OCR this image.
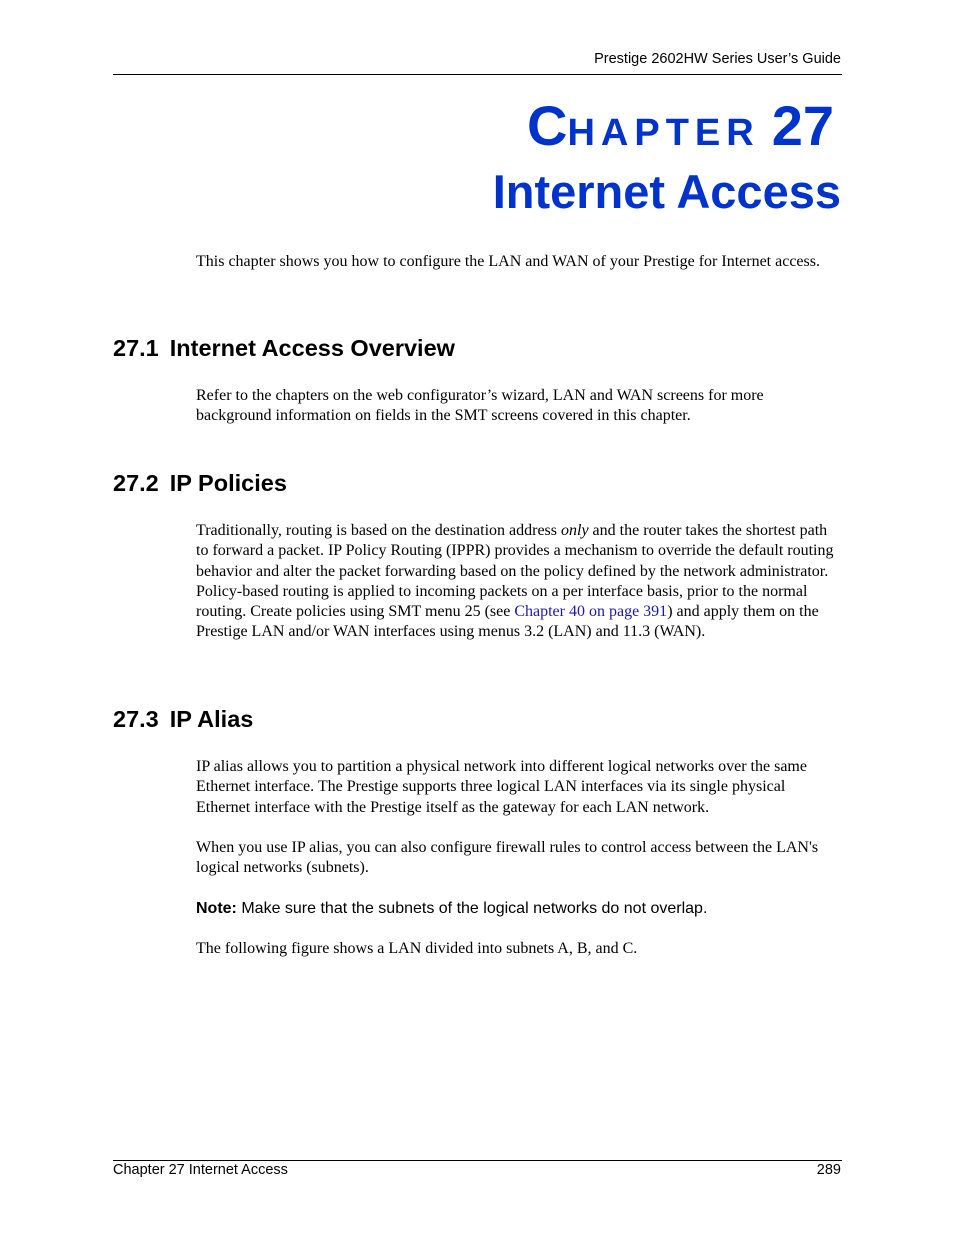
Prestige 2602HW Series User’s Guide
CHAPTER 27
Internet Access
This chapter shows you how to configure the LAN and WAN of your Prestige for Internet access.
27.1 Internet Access Overview
Refer to the chapters on the web configurator’s wizard, LAN and WAN screens for more background information on fields in the SMT screens covered in this chapter.
27.2 IP Policies
Traditionally, routing is based on the destination address only and the router takes the shortest path to forward a packet. IP Policy Routing (IPPR) provides a mechanism to override the default routing behavior and alter the packet forwarding based on the policy defined by the network administrator. Policy-based routing is applied to incoming packets on a per interface basis, prior to the normal routing. Create policies using SMT menu 25 (see Chapter 40 on page 391) and apply them on the Prestige LAN and/or WAN interfaces using menus 3.2 (LAN) and 11.3 (WAN).
27.3 IP Alias
IP alias allows you to partition a physical network into different logical networks over the same Ethernet interface. The Prestige supports three logical LAN interfaces via its single physical Ethernet interface with the Prestige itself as the gateway for each LAN network.
When you use IP alias, you can also configure firewall rules to control access between the LAN's logical networks (subnets).
Note: Make sure that the subnets of the logical networks do not overlap.
The following figure shows a LAN divided into subnets A, B, and C.
Chapter 27 Internet Access	289
